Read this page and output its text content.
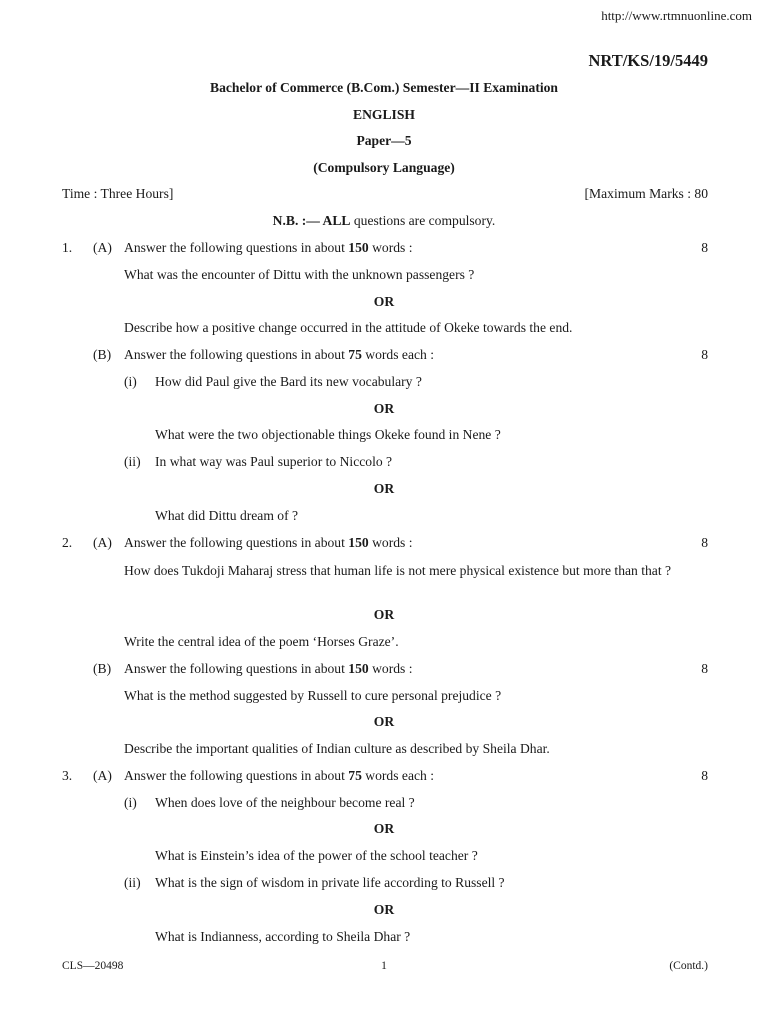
http://www.rtmnuonline.com
NRT/KS/19/5449
Bachelor of Commerce (B.Com.) Semester—II Examination
ENGLISH
Paper—5
(Compulsory Language)
Time : Three Hours]	[Maximum Marks : 80
N.B. :— ALL questions are compulsory.
1. (A) Answer the following questions in about 150 words :	8
What was the encounter of Dittu with the unknown passengers ?
OR
Describe how a positive change occurred in the attitude of Okeke towards the end.
(B) Answer the following questions in about 75 words each :	8
(i) How did Paul give the Bard its new vocabulary ?
OR
What were the two objectionable things Okeke found in Nene ?
(ii) In what way was Paul superior to Niccolo ?
OR
What did Dittu dream of ?
2. (A) Answer the following questions in about 150 words :	8
How does Tukdoji Maharaj stress that human life is not mere physical existence but more than that ?
OR
Write the central idea of the poem ‘Horses Graze’.
(B) Answer the following questions in about 150 words :	8
What is the method suggested by Russell to cure personal prejudice ?
OR
Describe the important qualities of Indian culture as described by Sheila Dhar.
3. (A) Answer the following questions in about 75 words each :	8
(i) When does love of the neighbour become real ?
OR
What is Einstein’s idea of the power of the school teacher ?
(ii) What is the sign of wisdom in private life according to Russell ?
OR
What is Indianness, according to Sheila Dhar ?
CLS—20498	1	(Contd.)
